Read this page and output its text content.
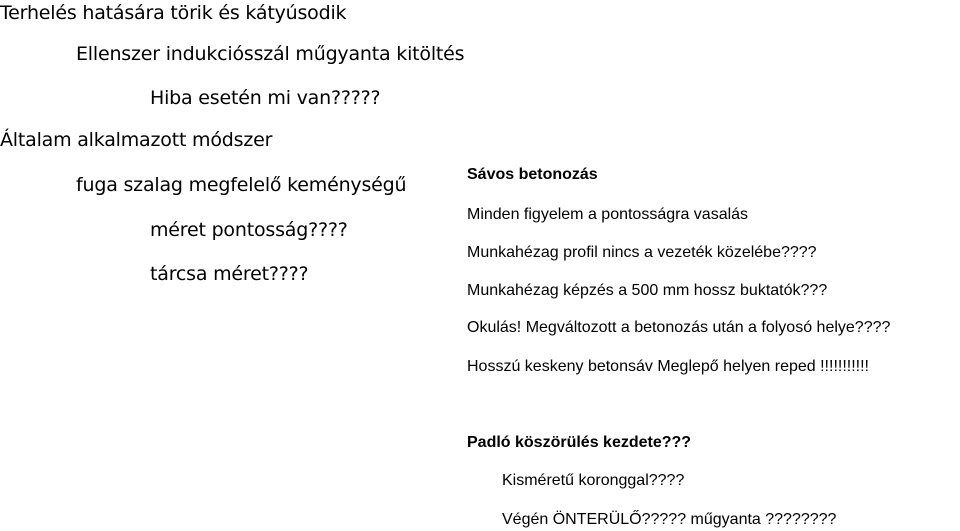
Terhelés hatására törik és kátyúsodik
Ellenszer indukciósszál műgyanta kitöltés
Hiba esetén mi van?????
Általam alkalmazott módszer
fuga szalag megfelelő keménységű
méret pontosság????
tárcsa méret????
Sávos betonozás
Minden figyelem a pontosságra vasalás
Munkahézag profil nincs a vezeték közelébe????
Munkahézag képzés a 500 mm hossz buktatók???
Okulás! Megváltozott a betonozás után a folyosó helye????
Hosszú keskeny betonsáv Meglepő helyen reped !!!!!!!!!!!
Padló köszörülés kezdete???
Kisméretű koronggal????
Végén ÖNTERÜLŐ????? műgyanta ????????
